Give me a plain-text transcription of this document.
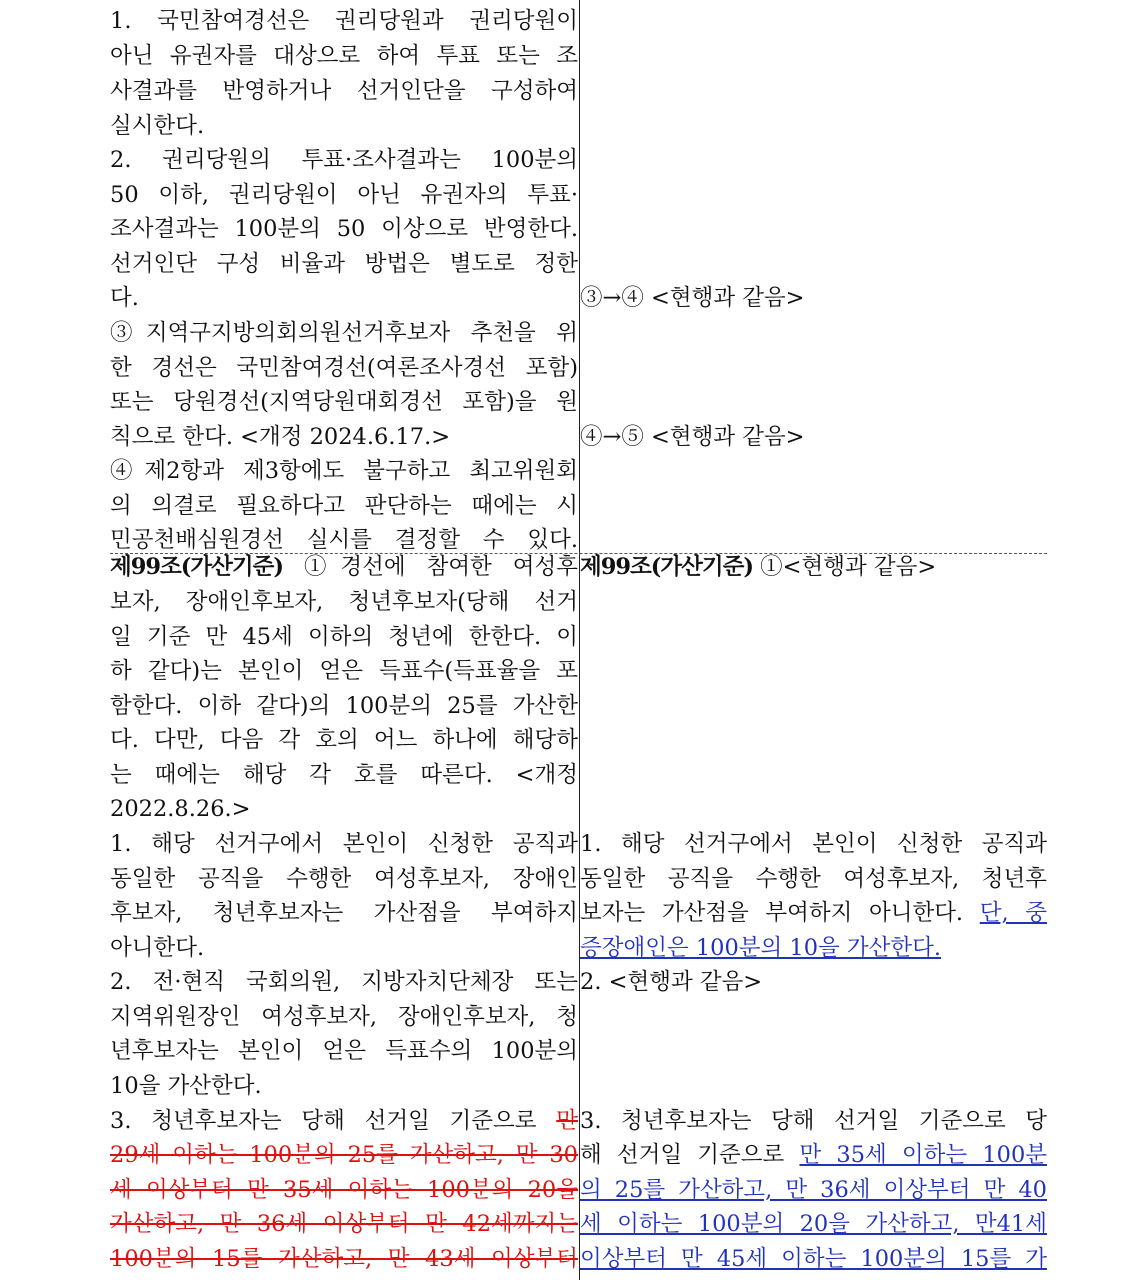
1. 국민참여경선은 권리당원과 권리당원이
아닌 유권자를 대상으로 하여 투표 또는 조
사결과를 반영하거나 선거인단을 구성하여
실시한다.
2. 권리당원의 투표·조사결과는 100분의
50 이하, 권리당원이 아닌 유권자의 투표·
조사결과는 100분의 50 이상으로 반영한다.
선거인단 구성 비율과 방법은 별도로 정한
다.
③지역구지방의회의원선거후보자 추천을 위
한 경선은 국민참여경선(여론조사경선 포함)
또는 당원경선(지역당원대회경선 포함)을 원
칙으로 한다. <개정 2024.6.17.>
④제2항과 제3항에도 불구하고 최고위원회
의 의결로 필요하다고 판단하는 때에는 시
민공천배심원경선 실시를 결정할 수 있다.
제99조(가산기준) ①경선에 참여한 여성후
보자, 장애인후보자, 청년후보자(당해 선거
일 기준 만 45세 이하의 청년에 한한다. 이
하 같다)는 본인이 얻은 득표수(득표율을 포
함한다. 이하 같다)의 100분의 25를 가산한
다. 다만, 다음 각 호의 어느 하나에 해당하
는 때에는 해당 각 호를 따른다. <개정
2022.8.26.>
1. 해당 선거구에서 본인이 신청한 공직과
동일한 공직을 수행한 여성후보자, 장애인
후보자, 청년후보자는 가산점을 부여하지
아니한다.
2. 전·현직 국회의원, 지방자치단체장 또는
지역위원장인 여성후보자, 장애인후보자, 청
년후보자는 본인이 얻은 득표수의 100분의
10을 가산한다.
3. 청년후보자는 당해 선거일 기준으로 만
29세 이하는 100분의 25를 가산하고, 만 30
세 이상부터 만 35세 이하는 100분의 20을
가산하고, 만 36세 이상부터 만 42세까지는
100분의 15를 가산하고, 만 43세 이상부터
③→④ <현행과 같음>
④→⑤ <현행과 같음>
제99조(가산기준) ①<현행과 같음>
1. 해당 선거구에서 본인이 신청한 공직과
동일한 공직을 수행한 여성후보자, 청년후
보자는 가산점을 부여하지 아니한다. 단, 중
증장애인은 100분의 10을 가산한다.
2. <현행과 같음>
3. 청년후보자는 당해 선거일 기준으로 당
해 선거일 기준으로 만 35세 이하는 100분
의 25를 가산하고, 만 36세 이상부터 만 40
세 이하는 100분의 20을 가산하고, 만41세
이상부터 만 45세 이하는 100분의 15를 가
